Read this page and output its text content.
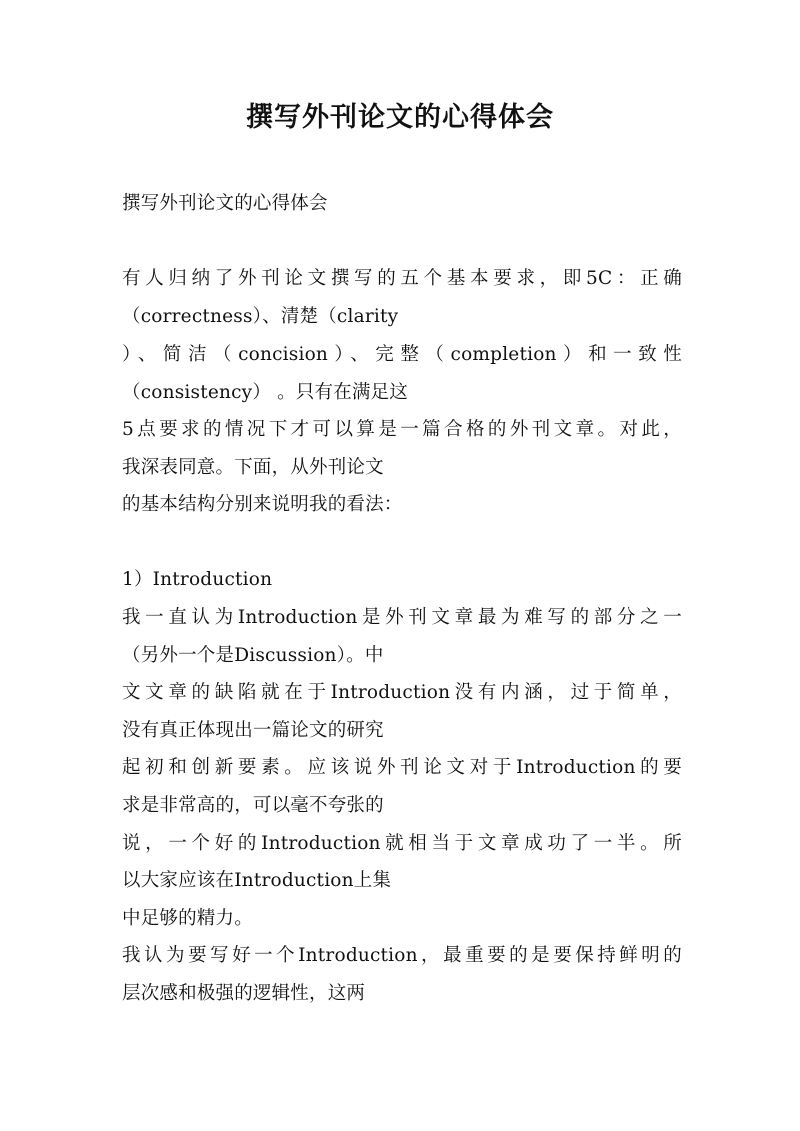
撰写外刊论文的心得体会
撰写外刊论文的心得体会
有人归纳了外刊论文撰写的五个基本要求，即5C：正确
（correctness）、清楚（clarity
）、简洁（concision）、完整（completion）和一致性
（consistency） 。只有在满足这
5点要求的情况下才可以算是一篇合格的外刊文章。对此，
我深表同意。下面，从外刊论文
的基本结构分别来说明我的看法：
1）Introduction
我一直认为Introduction是外刊文章最为难写的部分之一
（另外一个是Discussion）。中
文文章的缺陷就在于Introduction没有内涵，过于简单，
没有真正体现出一篇论文的研究
起初和创新要素。应该说外刊论文对于Introduction的要
求是非常高的，可以毫不夸张的
说，一个好的Introduction就相当于文章成功了一半。所
以大家应该在Introduction上集
中足够的精力。
我认为要写好一个Introduction，最重要的是要保持鲜明的
层次感和极强的逻辑性，这两
